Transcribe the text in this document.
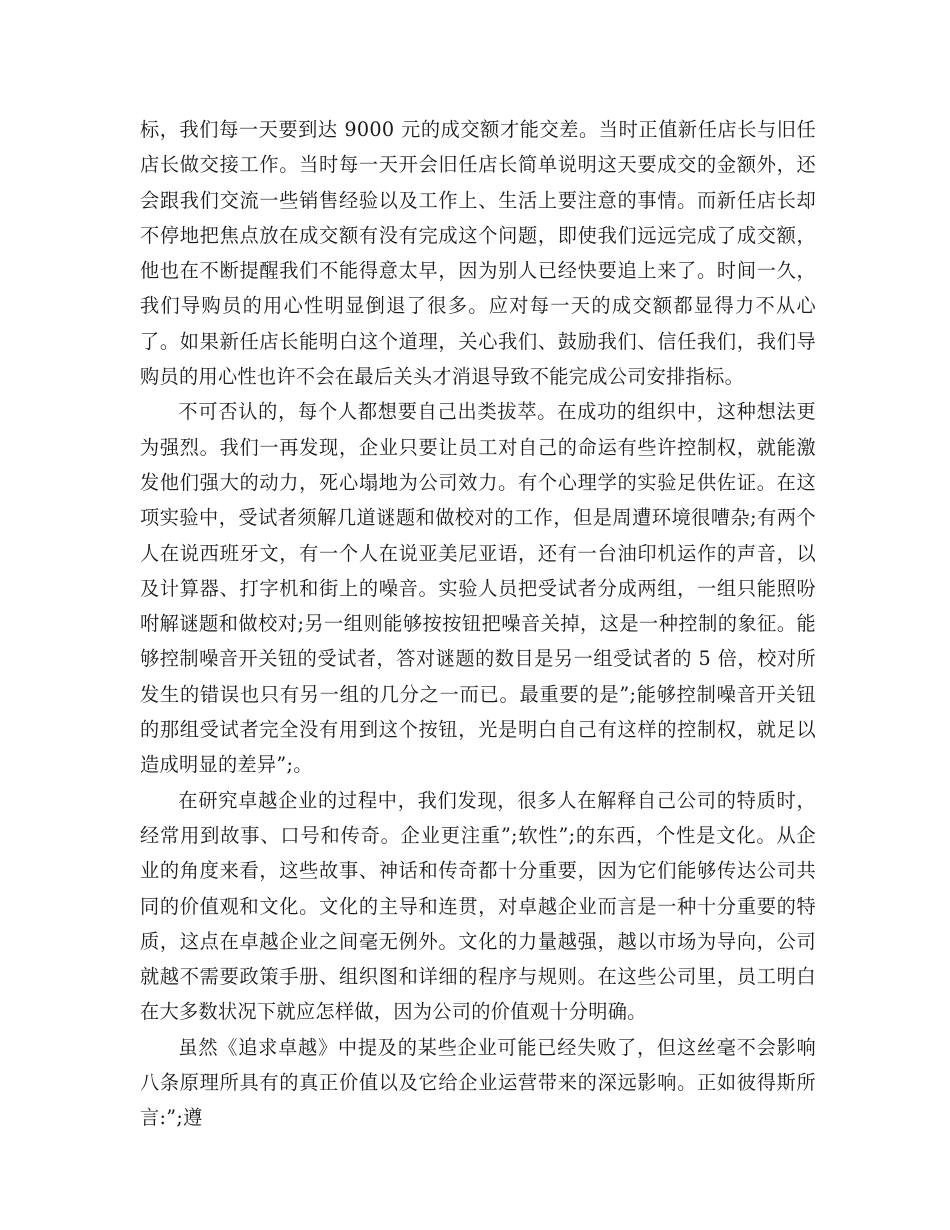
标，我们每一天要到达 9000 元的成交额才能交差。当时正值新任店长与旧任店长做交接工作。当时每一天开会旧任店长简单说明这天要成交的金额外，还会跟我们交流一些销售经验以及工作上、生活上要注意的事情。而新任店长却不停地把焦点放在成交额有没有完成这个问题，即使我们远远完成了成交额，他也在不断提醒我们不能得意太早，因为别人已经快要追上来了。时间一久，我们导购员的用心性明显倒退了很多。应对每一天的成交额都显得力不从心了。如果新任店长能明白这个道理，关心我们、鼓励我们、信任我们，我们导购员的用心性也许不会在最后关头才消退导致不能完成公司安排指标。

不可否认的，每个人都想要自己出类拔萃。在成功的组织中，这种想法更为强烈。我们一再发现，企业只要让员工对自己的命运有些许控制权，就能激发他们强大的动力，死心塌地为公司效力。有个心理学的实验足供佐证。在这项实验中，受试者须解几道谜题和做校对的工作，但是周遭环境很嘈杂;有两个人在说西班牙文，有一个人在说亚美尼亚语，还有一台油印机运作的声音，以及计算器、打字机和街上的噪音。实验人员把受试者分成两组，一组只能照吩咐解谜题和做校对;另一组则能够按按钮把噪音关掉，这是一种控制的象征。能够控制噪音开关钮的受试者，答对谜题的数目是另一组受试者的 5 倍，校对所发生的错误也只有另一组的几分之一而已。最重要的是”;能够控制噪音开关钮的那组受试者完全没有用到这个按钮，光是明白自己有这样的控制权，就足以造成明显的差异”;。

在研究卓越企业的过程中，我们发现，很多人在解释自己公司的特质时，经常用到故事、口号和传奇。企业更注重”;软性”;的东西，个性是文化。从企业的角度来看，这些故事、神话和传奇都十分重要，因为它们能够传达公司共同的价值观和文化。文化的主导和连贯，对卓越企业而言是一种十分重要的特质，这点在卓越企业之间毫无例外。文化的力量越强，越以市场为导向，公司就越不需要政策手册、组织图和详细的程序与规则。在这些公司里，员工明白在大多数状况下就应怎样做，因为公司的价值观十分明确。

虽然《追求卓越》中提及的某些企业可能已经失败了，但这丝毫不会影响八条原理所具有的真正价值以及它给企业运营带来的深远影响。正如彼得斯所言:”;遵
